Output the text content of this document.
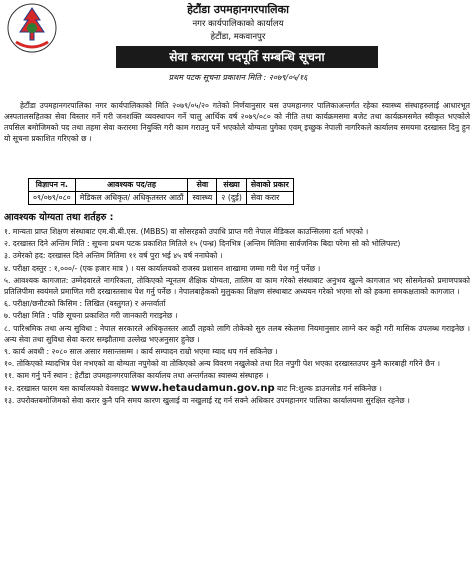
हेटौंडा उपमहानगरपालिका
नगर कार्यपालिकाको कार्यालय
हेटौंडा, मकवानपुर
सेवा करारमा पदपूर्ति सम्बन्धि सूचना
प्रथम पटक सूचना प्रकाशन मिति : २०७९/०५/१६
हेटौंडा उपमहानगरपालिका नगर कार्यपालिकाको मिति २०७९/०५/२० गतेको निर्णयानुसार यस उपमहानगर पालिकाअन्तर्गत रहेका स्वास्थ्य संस्थाहरुलाई आधारभूत अस्पतालसहितका सेवा विस्तार गर्ने गरी जनशक्ति व्यवस्थापन गर्ने चालु आर्थिक वर्ष २०७९/०८० को नीति तथा कार्यक्रमसमा बजेट तथा कार्यक्रमसमेत स्वीकृत भएकोले तपसिल बमोजिमको पद तथा तहमा सेवा करारमा नियुक्ति गरी काम गराउनु पर्ने भएकोले योग्यता पुगेका एवम् इच्छुक नेपाली नागरिकले कार्यालय समयमा दरखास्त दिनु हुन यो सूचना प्रकाशित गरिएको छ ।
विज्ञापन न.	आवश्यक पद/तह	सेवा	संख्या	सेवाको प्रकार
०९/०७९/०८०	मेडिकल अधिकृत/ अधिकृतस्तर आठौं	स्वास्थ्य	२ (दुई)	सेवा करार
आवश्यक योग्यता तथा शर्तहरु :
१. मान्यता प्राप्त शिक्षण संस्थाबाट एम.बी.बी.एस. (MBBS) वा सोसरहको उपाधि प्राप्त गरी नेपाल मेडिकल काउन्सिलमा दर्ता भएको ।
२. दरखास्त दिने अन्तिम मिति : सूचना प्रथम पटक प्रकाशित मितिले १५ (पन्ध्र) दिनभित्र (अन्तिम मितिमा सार्वजनिक बिदा परेमा सो को भोलिपल्ट)
३. उमेरको हद: दरखास्त दिने अन्तिम मितिमा ११ वर्ष पुरा भई ४५ वर्ष ननाघेको ।
४. परीक्षा दस्तुर : १,०००/- (एक हजार मात्र ) । यस कार्यालयको राजस्व प्रशासन शाखामा जम्मा गरी पेश गर्नु पर्नेछ ।
५. आवश्यक कागजात: उम्मेदवारले नागरिकता, तोकिएको न्यूनतम शैक्षिक योग्यता, तालिम वा काम गरेको संस्थाबाट अनुभव खुल्ने कागजात भए सोसमेतको प्रमाणपत्रको प्रतिलिपीमा स्वयंमले प्रमाणित गरी दरखास्तसाथ पेश गर्नु पर्नेछ । नेपालबाहेकको मुलुकका शिक्षण संस्थाबाट अध्ययन गरेको भएमा सो को हकमा समकक्षताको कागजात ।
६. परीक्षा/छनौटको किसिम : लिखित (वस्तुगत) र अन्तर्वार्ता
७. परीक्षा मिति : पछि सूचना प्रकाशित गरी जानकारी गराइनेछ ।
८. पारिश्रमिक तथा अन्य सुविधा : नेपाल सरकारले अधिकृतस्तर आठौं तहको लागि तोकेको सुरु तलब स्केलमा नियमानुसार लाग्ने कर कट्टी गरी मासिक उपलब्ध गराइनेछ । अन्य सेवा तथा सुविधा सेवा करार सम्झौतामा उल्लेख भएअनुसार हुनेछ ।
९. कार्य अवधी : २०८० साल असार मसान्तसम्म । कार्य सम्पादन राम्रो भएमा म्याद थप गर्न सकिनेछ ।
१०. तोकिएको म्यादभित्र पेश नभएको वा योग्यता नपुगेको वा तोकिएको अन्य विवरण नखुलेको तथा रित नपुगी पेश भएका दरखास्तउपर कुनै कारबाही गरिने छैन ।
११. काम गर्नु पर्ने स्थान : हेटौंडा उपमहानगरपालिका कार्यालय तथा अन्तर्गतका स्वास्थ्य संस्थाहरु ।
१२. दरखास्त फारम यस कार्यालयको वेवसाइट www.hetaudamun.gov.np बाट नि:शुल्क डाउनलोड गर्न सकिनेछ ।
१३. उपरोक्तबमोजिमको सेवा करार कुनै पनि समय कारण खुलाई वा नखुलाई रद्द गर्न सक्ने अधिकार उपमहानगर पालिका कार्यालयमा सुरक्षित रहनेछ ।
